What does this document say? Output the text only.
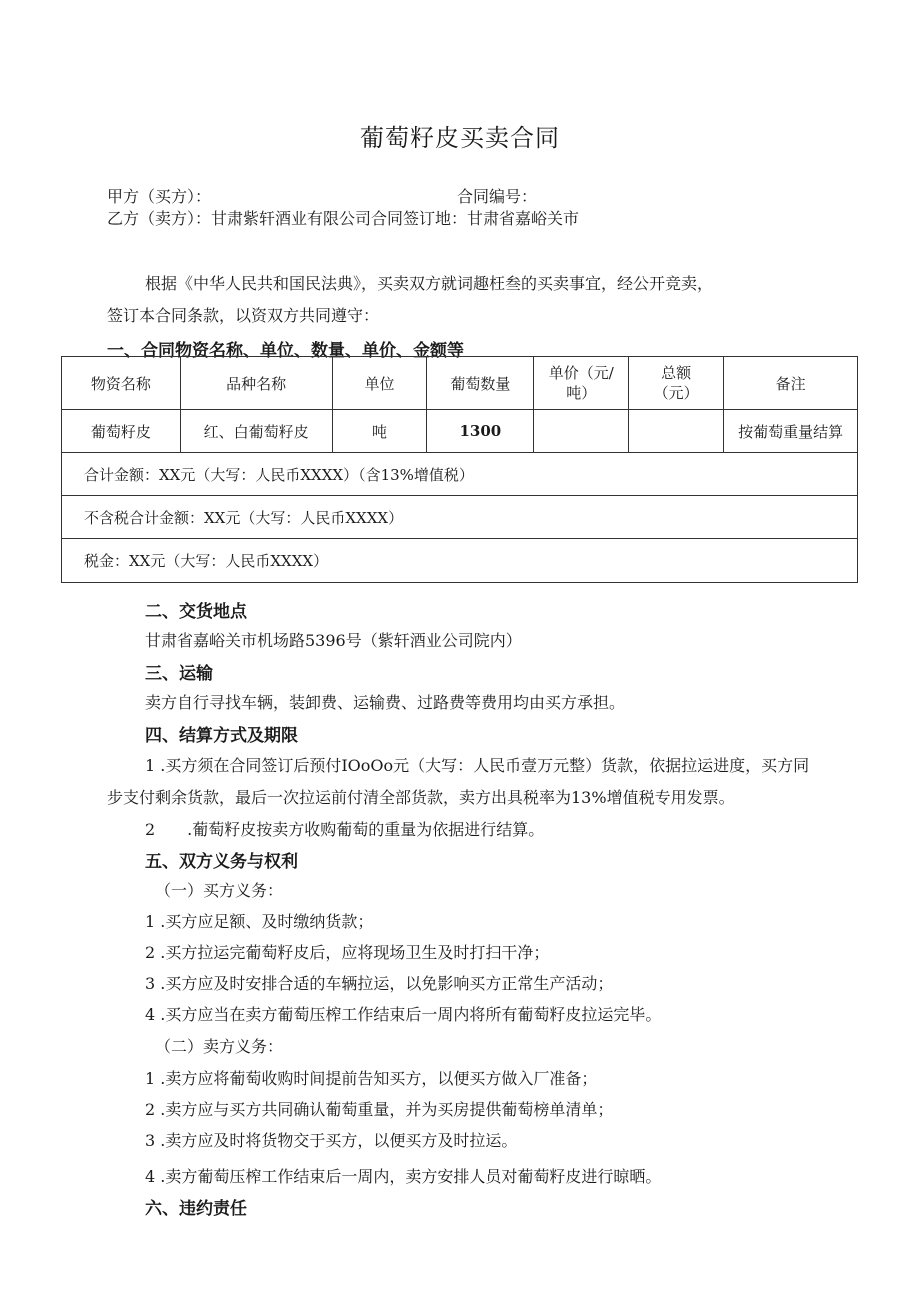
葡萄籽皮买卖合同
甲方（买方）：	合同编号：
乙方（卖方）：甘肃紫轩酒业有限公司合同签订地：甘肃省嘉峪关市
根据《中华人民共和国民法典》，买卖双方就词趣枉叁的买卖事宜，经公开竞卖，
签订本合同条款，以资双方共同遵守：
一、合同物资名称、单位、数量、单价、金额等
物资名称	品种名称	单位	葡萄数量	单价（元/吨）	总额（元）	备注
葡萄籽皮	红、白葡萄籽皮	吨	1300			按葡萄重量结算
合计金额：XX元（大写：人民币XXXX）（含13%增值税）						
不含税合计金额：XX元（大写：人民币XXXX）						
税金：XX元（大写：人民币XXXX）						
二、交货地点
甘肃省嘉峪关市机场路5396号（紫轩酒业公司院内）
三、运输
卖方自行寻找车辆，装卸费、运输费、过路费等费用均由买方承担。
四、结算方式及期限
1 .买方须在合同签订后预付IOoOo元（大写：人民币壹万元整）货款，依据拉运进度，买方同
步支付剩余货款，最后一次拉运前付清全部货款，卖方出具税率为13%增值税专用发票。
2　　.葡萄籽皮按卖方收购葡萄的重量为依据进行结算。
五、双方义务与权利
（一）买方义务：
1 .买方应足额、及时缴纳货款；
2 .买方拉运完葡萄籽皮后，应将现场卫生及时打扫干净；
3 .买方应及时安排合适的车辆拉运，以免影响买方正常生产活动；
4 .买方应当在卖方葡萄压榨工作结束后一周内将所有葡萄籽皮拉运完毕。
（二）卖方义务：
1 .卖方应将葡萄收购时间提前告知买方，以便买方做入厂准备；
2 .卖方应与买方共同确认葡萄重量，并为买房提供葡萄榜单清单；
3 .卖方应及时将货物交于买方，以便买方及时拉运。
4 .卖方葡萄压榨工作结束后一周内，卖方安排人员对葡萄籽皮进行晾晒。
六、违约责任
